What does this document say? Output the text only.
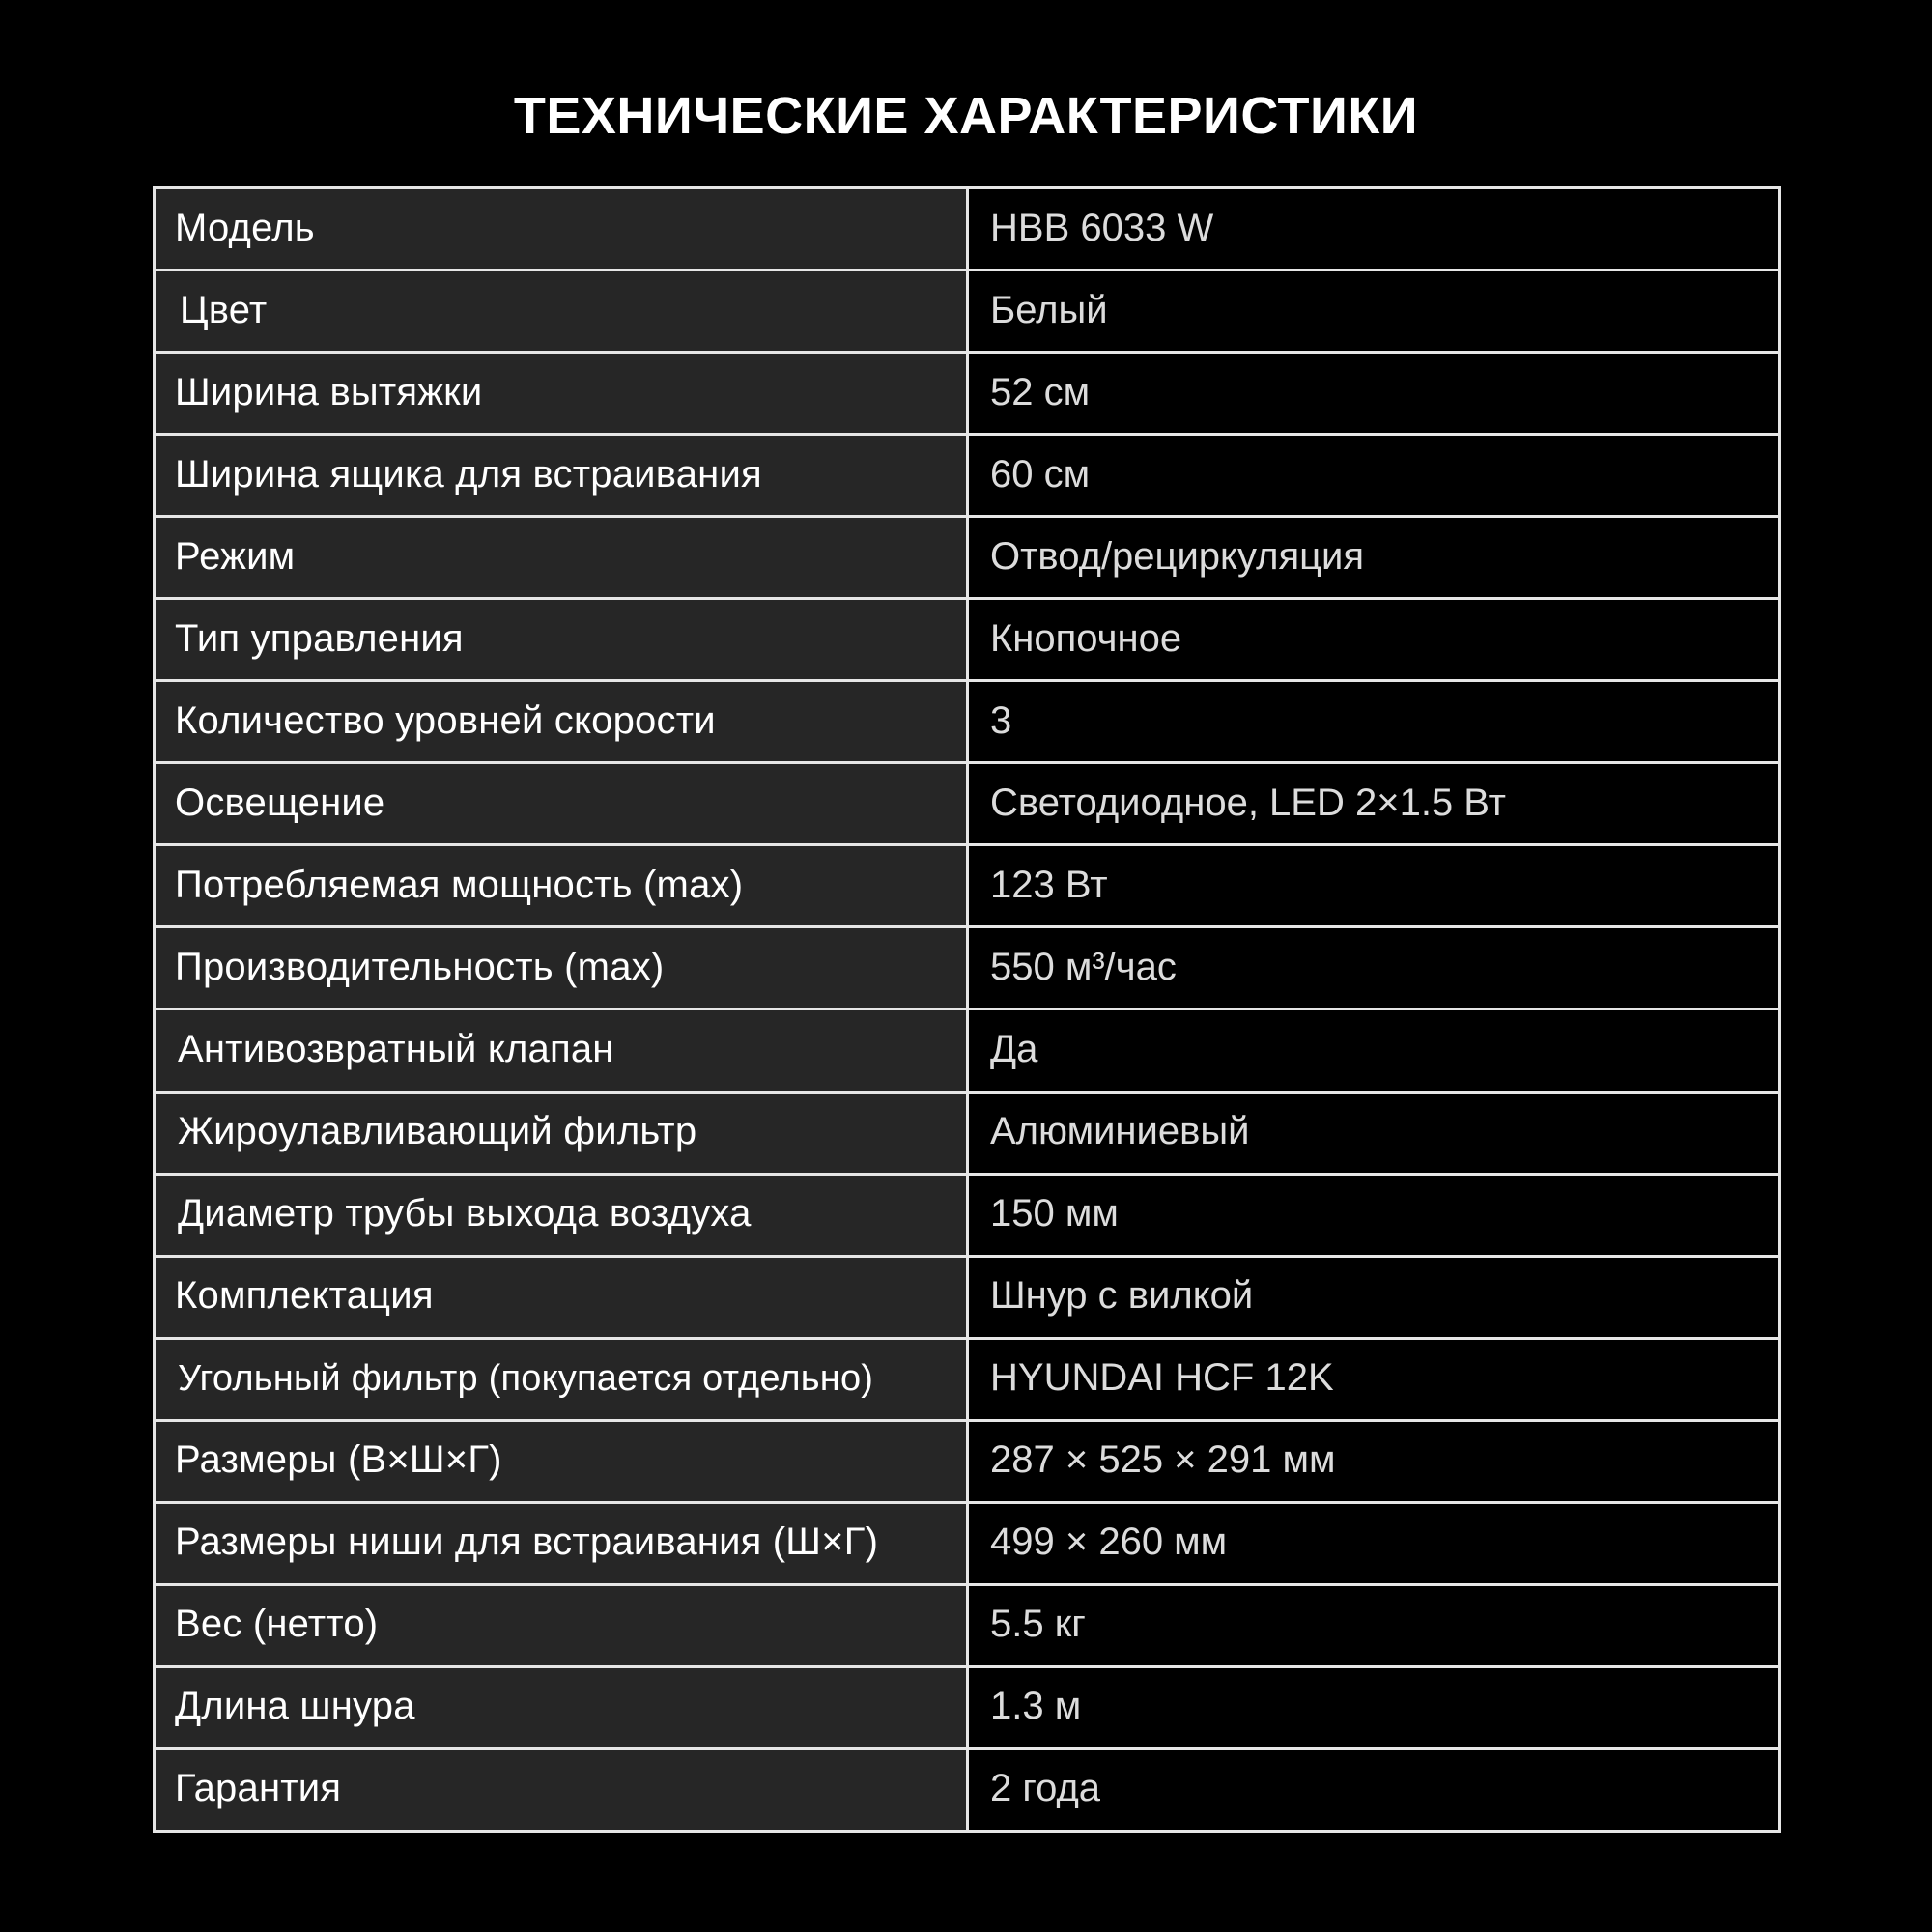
ТЕХНИЧЕСКИЕ ХАРАКТЕРИСТИКИ
Модель	HBB 6033 W
Цвет	Белый
Ширина вытяжки	52 см
Ширина ящика для встраивания	60 см
Режим	Отвод/рециркуляция
Тип управления	Кнопочное
Количество уровней скорости	3
Освещение	Светодиодное, LED 2×1.5 Вт
Потребляемая мощность (max)	123 Вт
Производительность (max)	550 м³/час
Антивозвратный клапан	Да
Жироулавливающий фильтр	Алюминиевый
Диаметр трубы выхода воздуха	150 мм
Комплектация	Шнур с вилкой
Угольный фильтр (покупается отдельно)	HYUNDAI HCF 12K
Размеры (В×Ш×Г)	287 × 525 × 291 мм
Размеры ниши для встраивания (Ш×Г)	499 × 260 мм
Вес (нетто)	5.5 кг
Длина шнура	1.3 м
Гарантия	2 года
